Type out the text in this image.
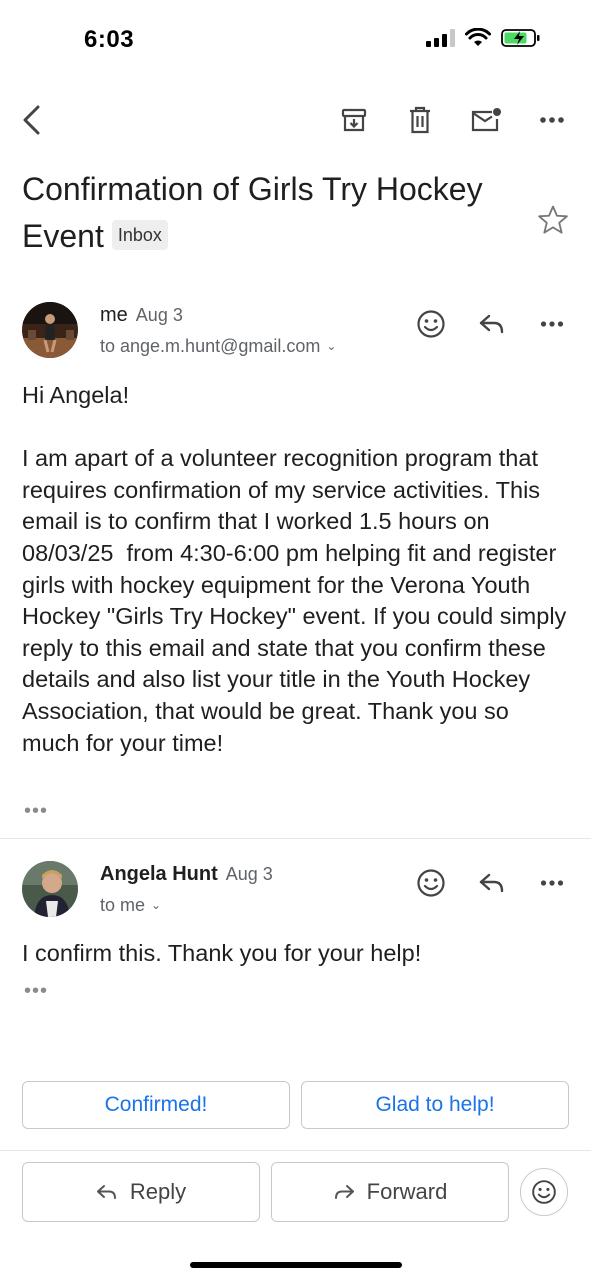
6:03
Confirmation of Girls Try Hockey Event Inbox
me Aug 3
to ange.m.hunt@gmail.com ⌄
Hi Angela!

I am apart of a volunteer recognition program that requires confirmation of my service activities. This email is to confirm that I worked 1.5 hours on 08/03/25  from 4:30-6:00 pm helping fit and register girls with hockey equipment for the Verona Youth Hockey "Girls Try Hockey" event. If you could simply reply to this email and state that you confirm these details and also list your title in the Youth Hockey Association, that would be great. Thank you so much for your time!
•••
Angela Hunt Aug 3
to me ⌄
I confirm this. Thank you for your help!
•••
Confirmed!	Glad to help!
Reply	Forward
